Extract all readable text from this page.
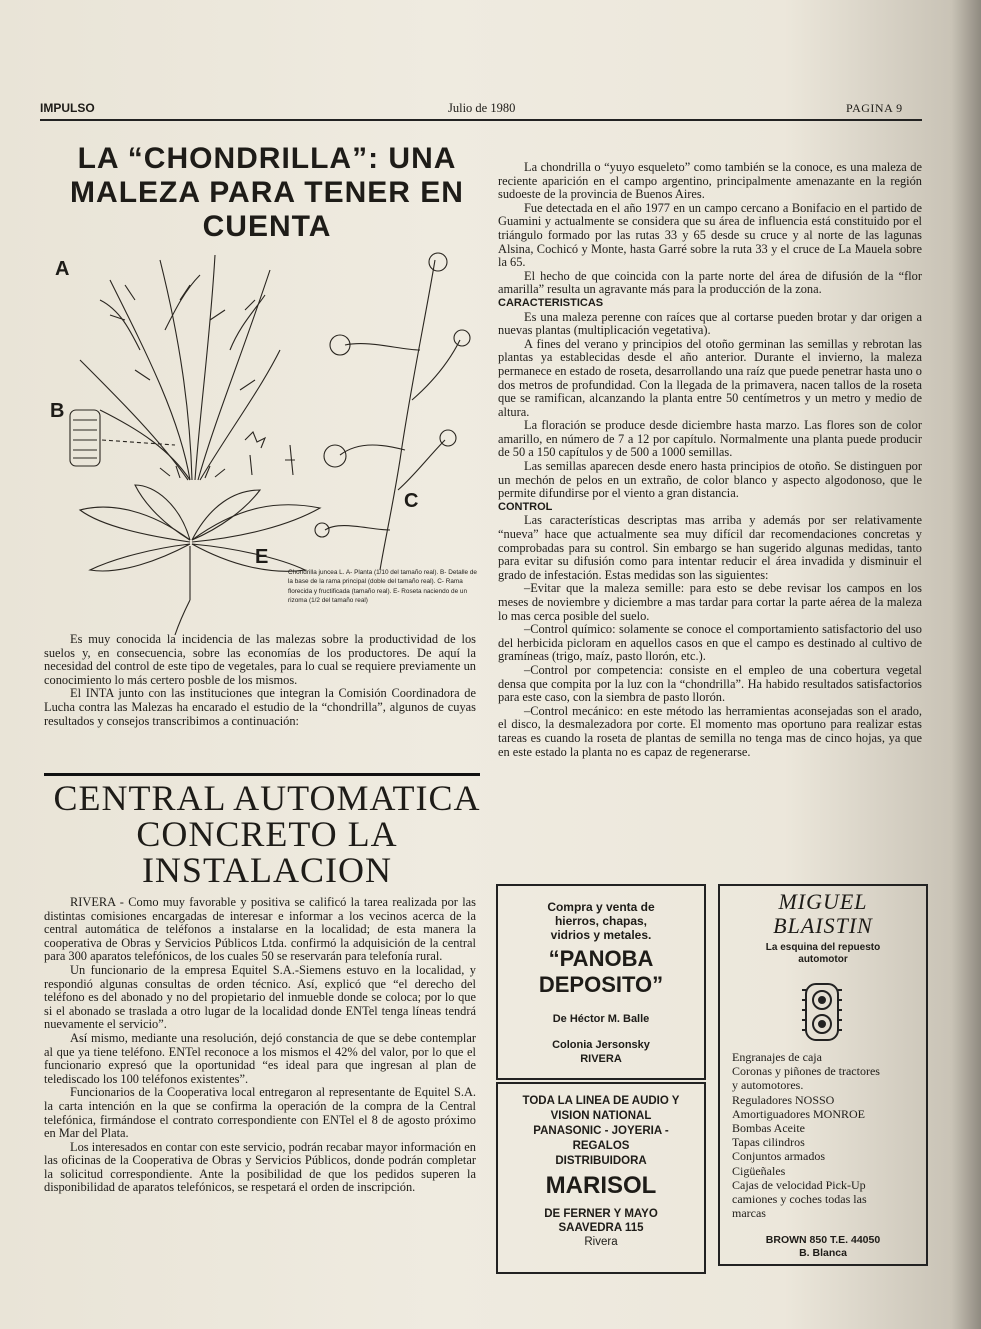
IMPULSO	Julio de 1980	PAGINA 9
LA “CHONDRILLA”: UNA
MALEZA PARA TENER EN
CUENTA
A
B
C
E
Chondrilla juncea L. A- Planta (1/10 del tamaño real). B- Detalle de la base de la rama principal (doble del tamaño real). C- Rama florecida y fructificada (tamaño real). E- Roseta naciendo de un rizoma (1/2 del tamaño real)

Es muy conocida la incidencia de las malezas sobre la productividad de los suelos y, en consecuencia, sobre las economías de los productores. De aquí la necesidad del control de este tipo de vegetales, para lo cual se requiere previamente un conocimiento lo más certero posble de los mismos.

El INTA junto con las instituciones que integran la Comisión Coordinadora de Lucha contra las Malezas ha encarado el estudio de la “chondrilla”, algunos de cuyas resultados y consejos transcribimos a continuación:

CENTRAL AUTOMATICA
CONCRETO LA
INSTALACION

RIVERA - Como muy favorable y positiva se calificó la tarea realizada por las distintas comisiones encargadas de interesar e informar a los vecinos acerca de la central automática de teléfonos a instalarse en la localidad; de esta manera la cooperativa de Obras y Servicios Públicos Ltda. confirmó la adquisición de la central para 300 aparatos telefónicos, de los cuales 50 se reservarán para telefonía rural.

Un funcionario de la empresa Equitel S.A.-Siemens estuvo en la localidad, y respondió algunas consultas de orden técnico. Así, explicó que “el derecho del teléfono es del abonado y no del propietario del inmueble donde se coloca; por lo que si el abonado se traslada a otro lugar de la localidad donde ENTel tenga líneas tendrá nuevamente el servicio”.

Así mismo, mediante una resolución, dejó constancia de que se debe contemplar al que ya tiene teléfono. ENTel reconoce a los mismos el 42% del valor, por lo que el funcionario expresó que la oportunidad “es ideal para que ingresan al plan de telediscado los 100 teléfonos existentes”.

Funcionarios de la Cooperativa local entregaron al representante de Equitel S.A. la carta intención en la que se confirma la operación de la compra de la Central telefónica, firmándose el contrato correspondiente con ENTel el 8 de agosto próximo en Mar del Plata.

Los interesados en contar con este servicio, podrán recabar mayor información en las oficinas de la Cooperativa de Obras y Servicios Públicos, donde podrán completar la solicitud correspondiente. Ante la posibilidad de que los pedidos superen la disponibilidad de aparatos telefónicos, se respetará el orden de inscripción.

La chondrilla o “yuyo esqueleto” como también se la conoce, es una maleza de reciente aparición en el campo argentino, principalmente amenazante en la región sudoeste de la provincia de Buenos Aires.

Fue detectada en el año 1977 en un campo cercano a Bonifacio en el partido de Guamini y actualmente se considera que su área de influencia está constituido por el triángulo formado por las rutas 33 y 65 desde su cruce y al norte de las lagunas Alsina, Cochicó y Monte, hasta Garré sobre la ruta 33 y el cruce de La Mauela sobre la 65.

El hecho de que coincida con la parte norte del área de difusión de la “flor amarilla” resulta un agravante más para la producción de la zona.

CARACTERISTICAS

Es una maleza perenne con raíces que al cortarse pueden brotar y dar origen a nuevas plantas (multiplicación vegetativa).

A fines del verano y principios del otoño germinan las semillas y rebrotan las plantas ya establecidas desde el año anterior. Durante el invierno, la maleza permanece en estado de roseta, desarrollando una raíz que puede penetrar hasta uno o dos metros de profundidad. Con la llegada de la primavera, nacen tallos de la roseta que se ramifican, alcanzando la planta entre 50 centímetros y un metro y medio de altura.

La floración se produce desde diciembre hasta marzo. Las flores son de color amarillo, en número de 7 a 12 por capítulo. Normalmente una planta puede producir de 50 a 150 capítulos y de 500 a 1000 semillas.

Las semillas aparecen desde enero hasta principios de otoño. Se distinguen por un mechón de pelos en un extraño, de color blanco y aspecto algodonoso, que le permite difundirse por el viento a gran distancia.

CONTROL

Las características descriptas mas arriba y además por ser relativamente “nueva” hace que actualmente sea muy difícil dar recomendaciones concretas y comprobadas para su control. Sin embargo se han sugerido algunas medidas, tanto para evitar su difusión como para intentar reducir el área invadida y disminuir el grado de infestación. Estas medidas son las siguientes:

–Evitar que la maleza semille: para esto se debe revisar los campos en los meses de noviembre y diciembre a mas tardar para cortar la parte aérea de la maleza lo mas cerca posible del suelo.

–Control químico: solamente se conoce el comportamiento satisfactorio del uso del herbicida picloram en aquellos casos en que el campo es destinado al cultivo de gramíneas (trigo, maíz, pasto llorón, etc.).

–Control por competencia: consiste en el empleo de una cobertura vegetal densa que compita por la luz con la “chondrilla”. Ha habido resultados satisfactorios para este caso, con la siembra de pasto llorón.

–Control mecánico: en este método las herramientas aconsejadas son el arado, el disco, la desmalezadora por corte. El momento mas oportuno para realizar estas tareas es cuando la roseta de plantas de semilla no tenga mas de cinco hojas, ya que en este estado la planta no es capaz de regenerarse.

Compra y venta de
hierros, chapas,
vidrios y metales.
“PANOBA
DEPOSITO”
De Héctor M. Balle
Colonia Jersonsky
RIVERA
TODA LA LINEA DE AUDIO Y
VISION NATIONAL
PANASONIC - JOYERIA -
REGALOS
DISTRIBUIDORA
MARISOL
DE FERNER Y MAYO
SAAVEDRA 115
Rivera
MIGUEL
BLAISTIN
La esquina del repuesto
automotor
Engranajes de caja
Coronas y piñones de tractores
y automotores.
Reguladores NOSSO
Amortiguadores MONROE
Bombas Aceite
Tapas cilindros
Conjuntos armados
Cigüeñales
Cajas de velocidad Pick-Up
camiones y coches todas las
marcas
BROWN 850 T.E. 44050
B. Blanca
